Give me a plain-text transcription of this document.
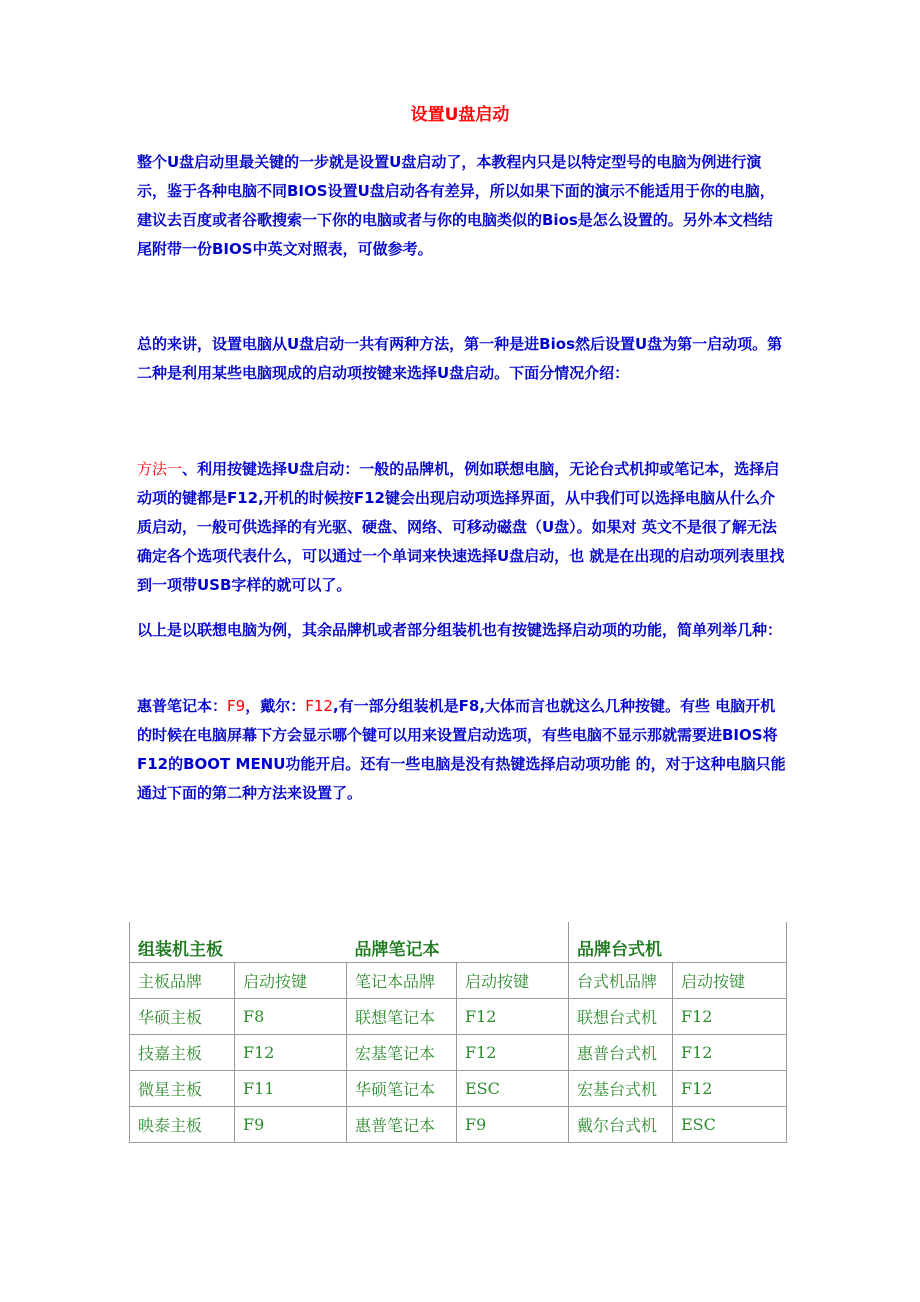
设置U盘启动

整个U盘启动里最关键的一步就是设置U盘启动了，本教程内只是以特定型号的电脑为例进行演示，鉴于各种电脑不同BIOS设置U盘启动各有差异，所以如果下面的演示不能适用于你的电脑，建议去百度或者谷歌搜索一下你的电脑或者与你的电脑类似的Bios是怎么设置的。另外本文档结尾附带一份BIOS中英文对照表，可做参考。

总的来讲，设置电脑从U盘启动一共有两种方法，第一种是进Bios然后设置U盘为第一启动项。第二种是利用某些电脑现成的启动项按键来选择U盘启动。下面分情况介绍：

方法一、利用按键选择U盘启动：一般的品牌机，例如联想电脑，无论台式机抑或笔记本，选择启动项的键都是F12,开机的时候按F12键会出现启动项选择界面，从中我们可以选择电脑从什么介质启动，一般可供选择的有光驱、硬盘、网络、可移动磁盘（U盘）。如果对 英文不是很了解无法确定各个选项代表什么，可以通过一个单词来快速选择U盘启动，也 就是在出现的启动项列表里找到一项带USB字样的就可以了。

以上是以联想电脑为例，其余品牌机或者部分组装机也有按键选择启动项的功能，简单列举几种：

惠普笔记本：F9，戴尔：F12,有一部分组装机是F8,大体而言也就这么几种按键。有些 电脑开机的时候在电脑屏幕下方会显示哪个键可以用来设置启动选项，有些电脑不显示那就需要进BIOS将F12的BOOT MENU功能开启。还有一些电脑是没有热键选择启动项功能 的，对于这种电脑只能通过下面的第二种方法来设置了。

组装机主板		品牌笔记本		品牌台式机	
主板品牌	启动按键	笔记本品牌	启动按键	台式机品牌	启动按键
华硕主板	F8	联想笔记本	F12	联想台式机	F12
技嘉主板	F12	宏基笔记本	F12	惠普台式机	F12
微星主板	F11	华硕笔记本	ESC	宏基台式机	F12
映泰主板	F9	惠普笔记本	F9	戴尔台式机	ESC
